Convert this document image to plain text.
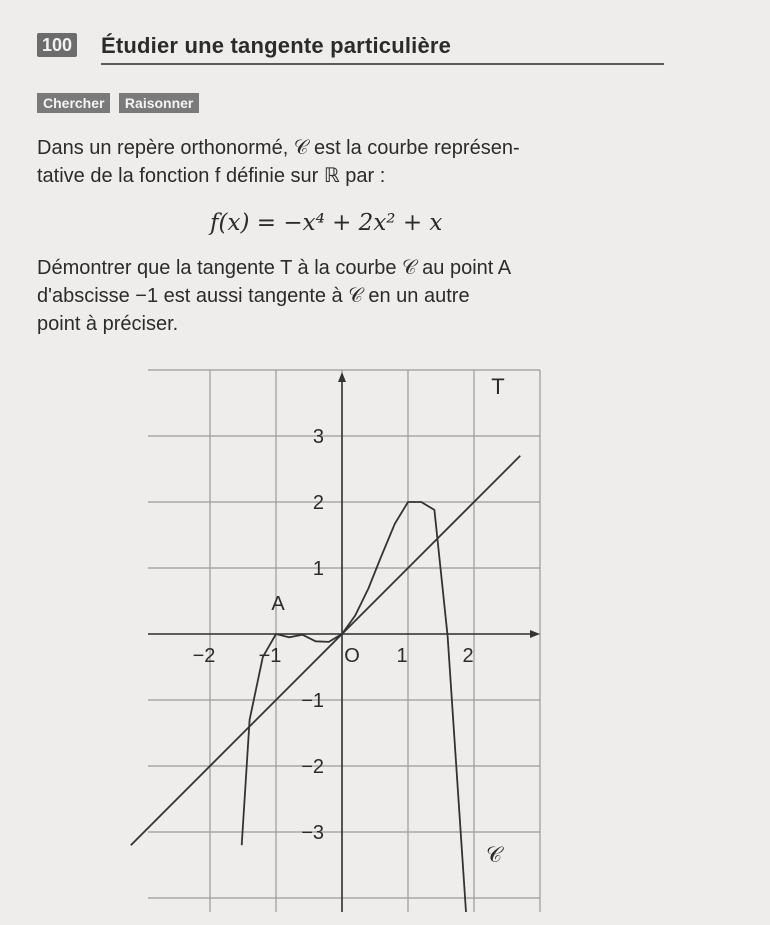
100 Étudier une tangente particulière
Chercher Raisonner
Dans un repère orthonormé, 𝒞 est la courbe représen-
tative de la fonction f définie sur ℝ par :
f(x) = −x⁴ + 2x² + x
Démontrer que la tangente T à la courbe 𝒞 au point A
d'abscisse −1 est aussi tangente à 𝒞 en un autre
point à préciser.
−2 −1	1	2
3
2
1
−1
−2
−3
A
O
T
𝒞
